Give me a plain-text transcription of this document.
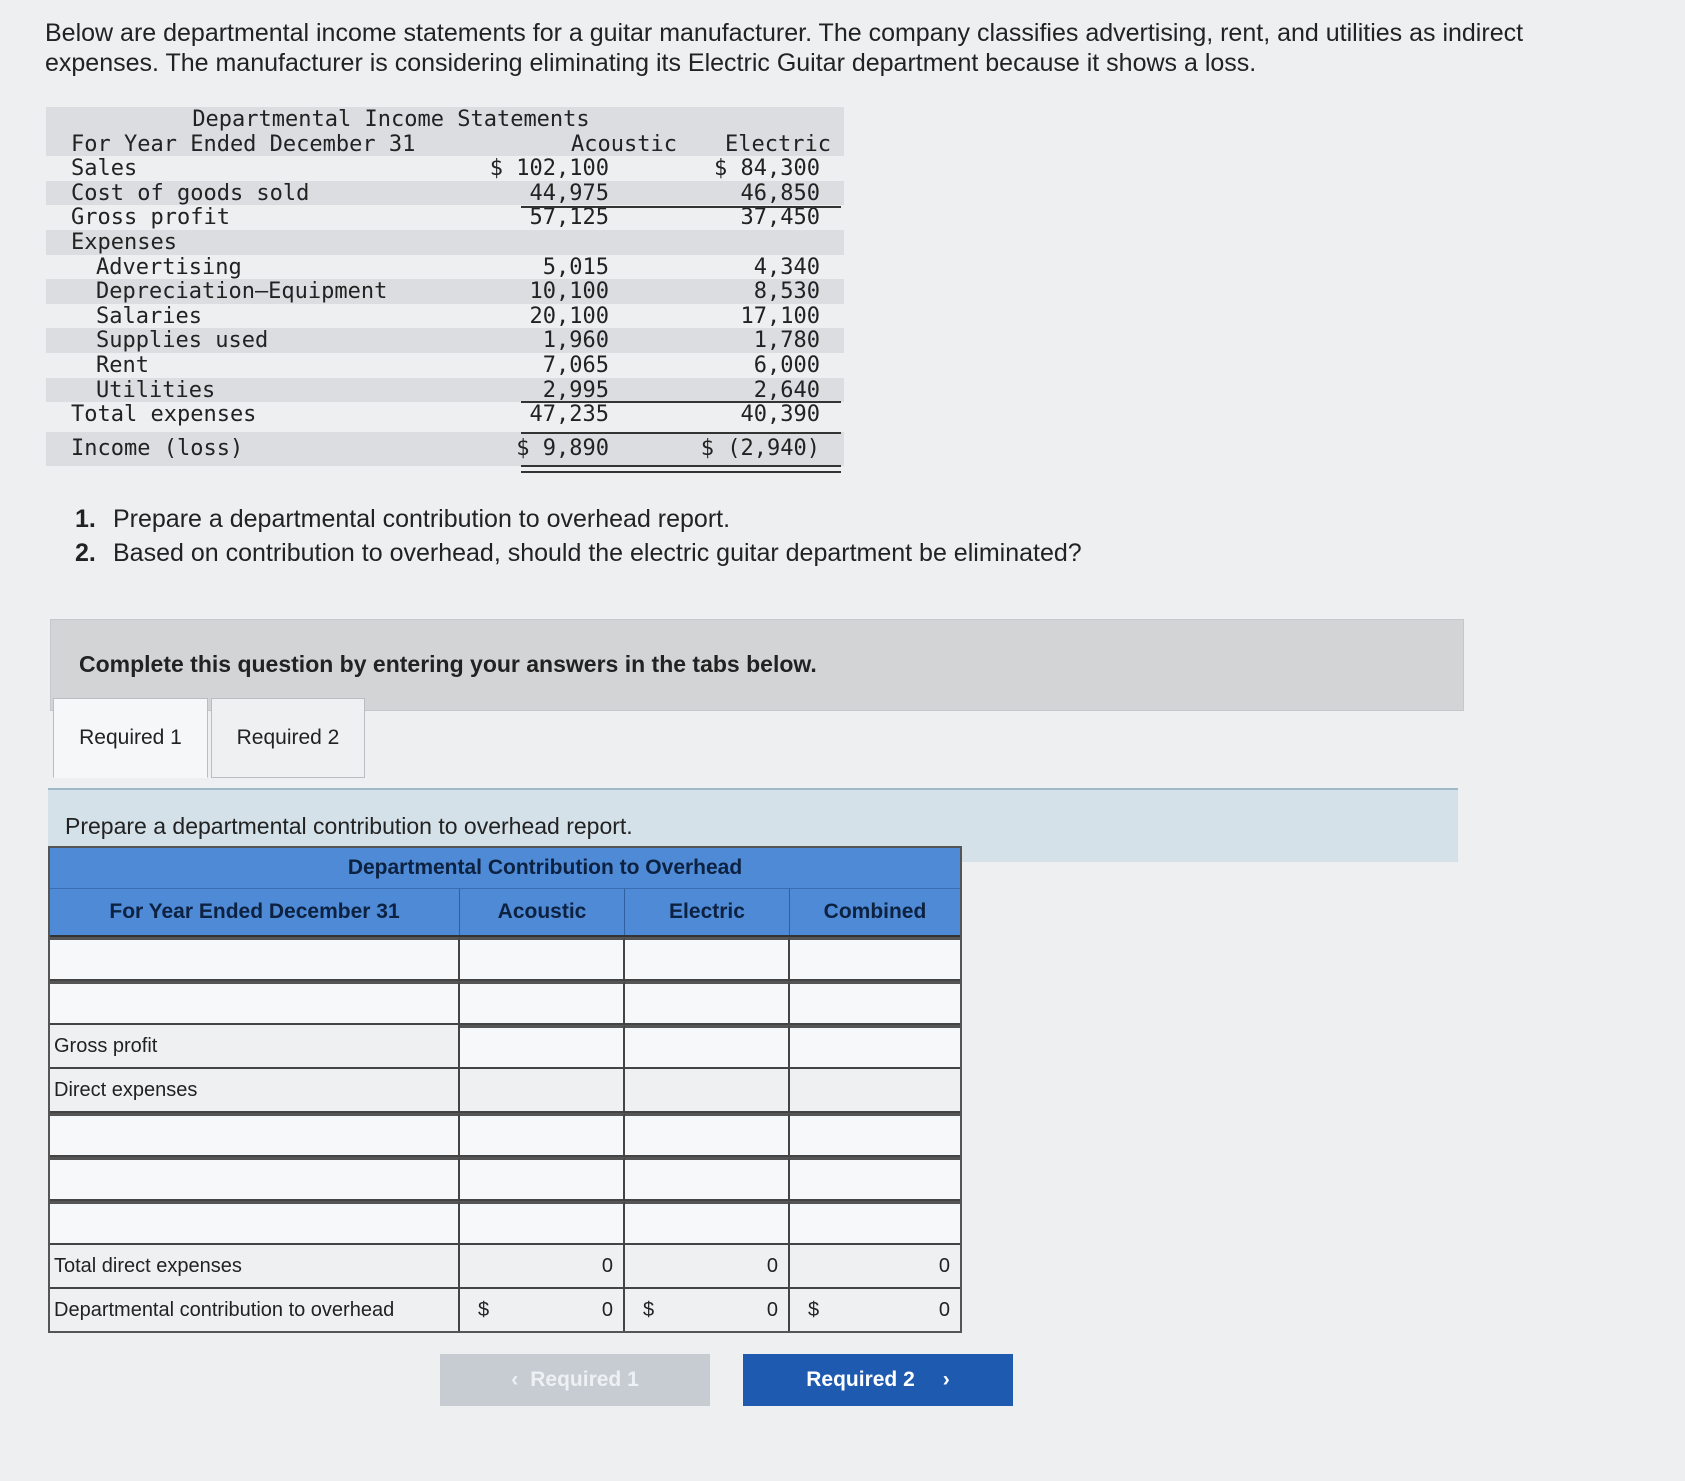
Below are departmental income statements for a guitar manufacturer. The company classifies advertising, rent, and utilities as indirect expenses. The manufacturer is considering eliminating its Electric Guitar department because it shows a loss.
Departmental Income Statements
For Year Ended December 31	Acoustic	Electric
Sales	$ 102,100	$ 84,300
Cost of goods sold	44,975	46,850
Gross profit	57,125	37,450
Expenses
Advertising	5,015	4,340
Depreciation—Equipment	10,100	8,530
Salaries	20,100	17,100
Supplies used	1,960	1,780
Rent	7,065	6,000
Utilities	2,995	2,640
Total expenses	47,235	40,390
Income (loss)	$ 9,890	$ (2,940)
1. Prepare a departmental contribution to overhead report.
2. Based on contribution to overhead, should the electric guitar department be eliminated?
Complete this question by entering your answers in the tabs below.
Required 1	Required 2
Prepare a departmental contribution to overhead report.
Departmental Contribution to Overhead
For Year Ended December 31	Acoustic	Electric	Combined
Gross profit
Direct expenses
Total direct expenses	0	0	0
Departmental contribution to overhead	$	0	$	0	$	0
‹ Required 1	Required 2 ›
